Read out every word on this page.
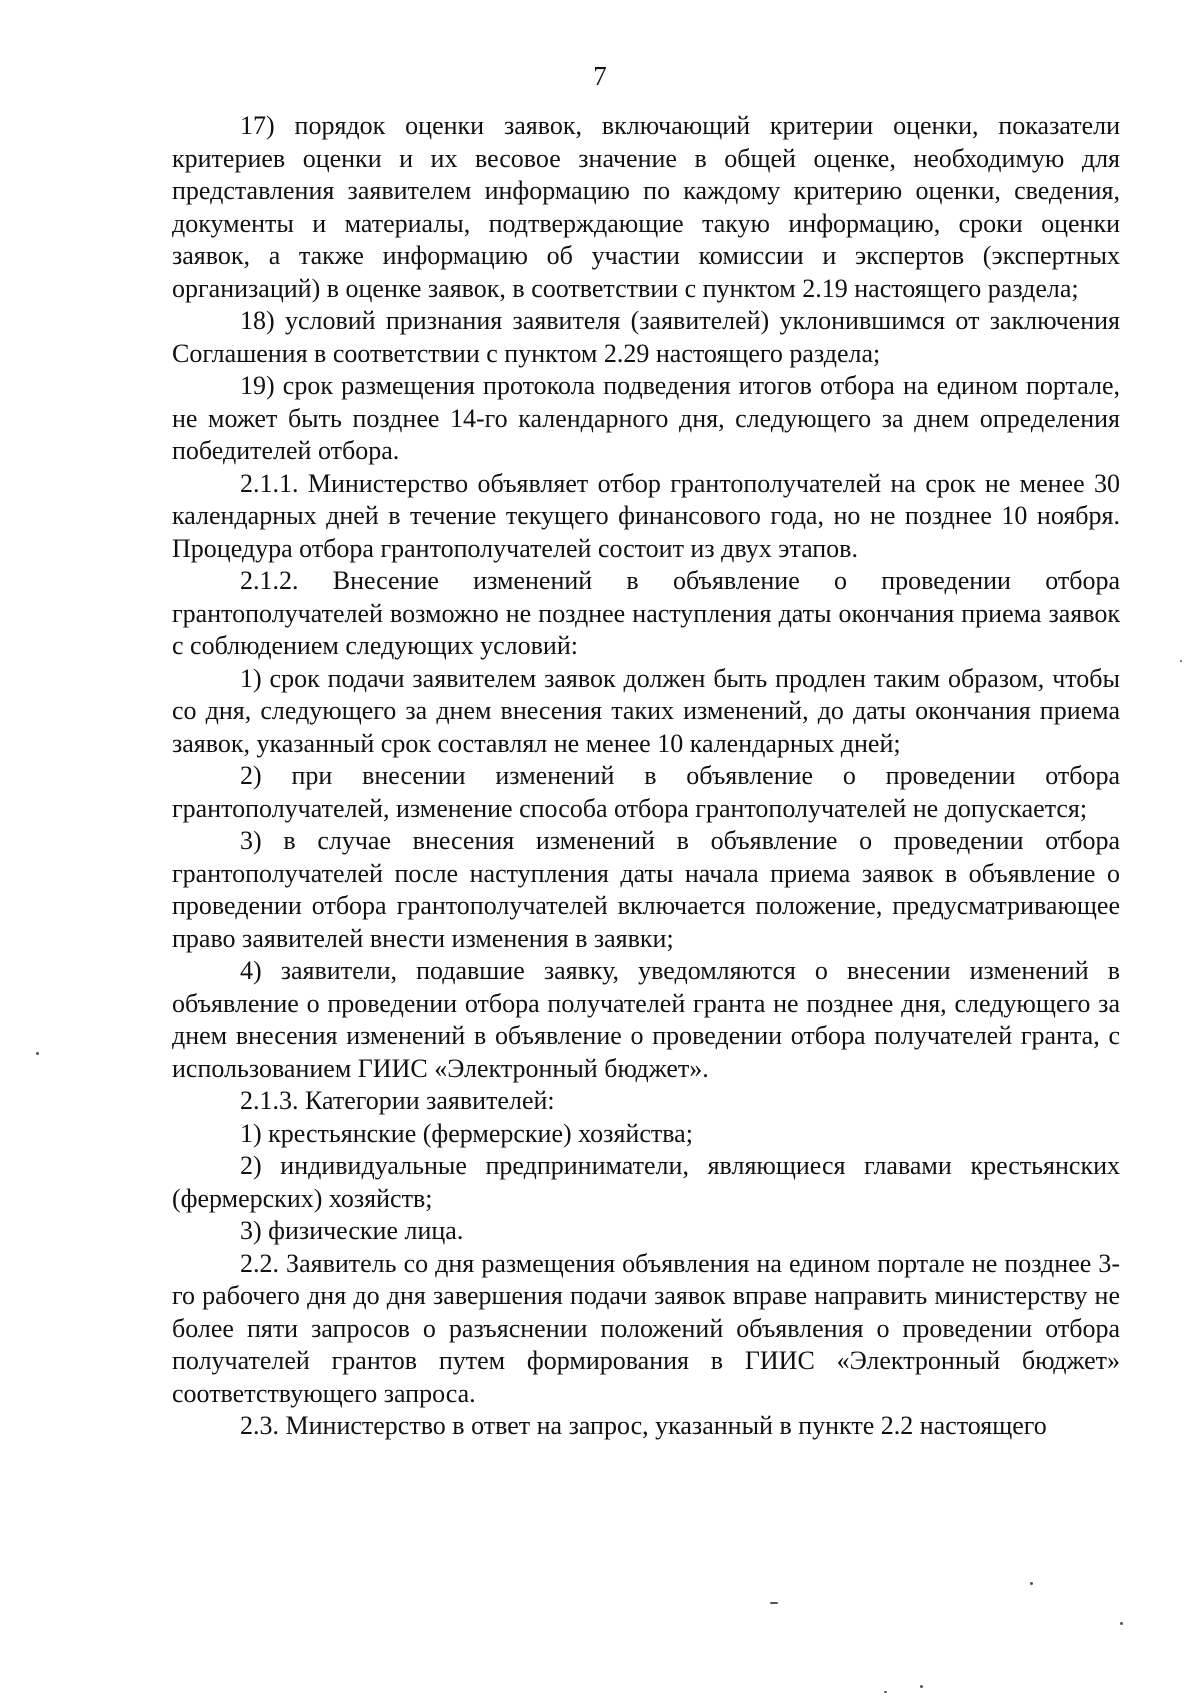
7

17) порядок оценки заявок, включающий критерии оценки, показатели критериев оценки и их весовое значение в общей оценке, необходимую для представления заявителем информацию по каждому критерию оценки, сведения, документы и материалы, подтверждающие такую информацию, сроки оценки заявок, а также информацию об участии комиссии и экспертов (экспертных организаций) в оценке заявок, в соответствии с пунктом 2.19 настоящего раздела;

18) условий признания заявителя (заявителей) уклонившимся от заключения Соглашения в соответствии с пунктом 2.29 настоящего раздела;

19) срок размещения протокола подведения итогов отбора на едином портале, не может быть позднее 14-го календарного дня, следующего за днем определения победителей отбора.

2.1.1. Министерство объявляет отбор грантополучателей на срок не менее 30 календарных дней в течение текущего финансового года, но не позднее 10 ноября. Процедура отбора грантополучателей состоит из двух этапов.

2.1.2. Внесение изменений в объявление о проведении отбора грантополучателей возможно не позднее наступления даты окончания приема заявок с соблюдением следующих условий:

1) срок подачи заявителем заявок должен быть продлен таким образом, чтобы со дня, следующего за днем внесения таких изменений, до даты окончания приема заявок, указанный срок составлял не менее 10 календарных дней;

2) при внесении изменений в объявление о проведении отбора грантополучателей, изменение способа отбора грантополучателей не допускается;

3) в случае внесения изменений в объявление о проведении отбора грантополучателей после наступления даты начала приема заявок в объявление о проведении отбора грантополучателей включается положение, предусматривающее право заявителей внести изменения в заявки;

4) заявители, подавшие заявку, уведомляются о внесении изменений в объявление о проведении отбора получателей гранта не позднее дня, следующего за днем внесения изменений в объявление о проведении отбора получателей гранта, с использованием ГИИС «Электронный бюджет».

2.1.3. Категории заявителей:

1) крестьянские (фермерские) хозяйства;

2) индивидуальные предприниматели, являющиеся главами крестьянских (фермерских) хозяйств;

3) физические лица.

2.2. Заявитель со дня размещения объявления на едином портале не позднее 3-го рабочего дня до дня завершения подачи заявок вправе направить министерству не более пяти запросов о разъяснении положений объявления о проведении отбора получателей грантов путем формирования в ГИИС «Электронный бюджет» соответствующего запроса.

2.3. Министерство в ответ на запрос, указанный в пункте 2.2 настоящего
